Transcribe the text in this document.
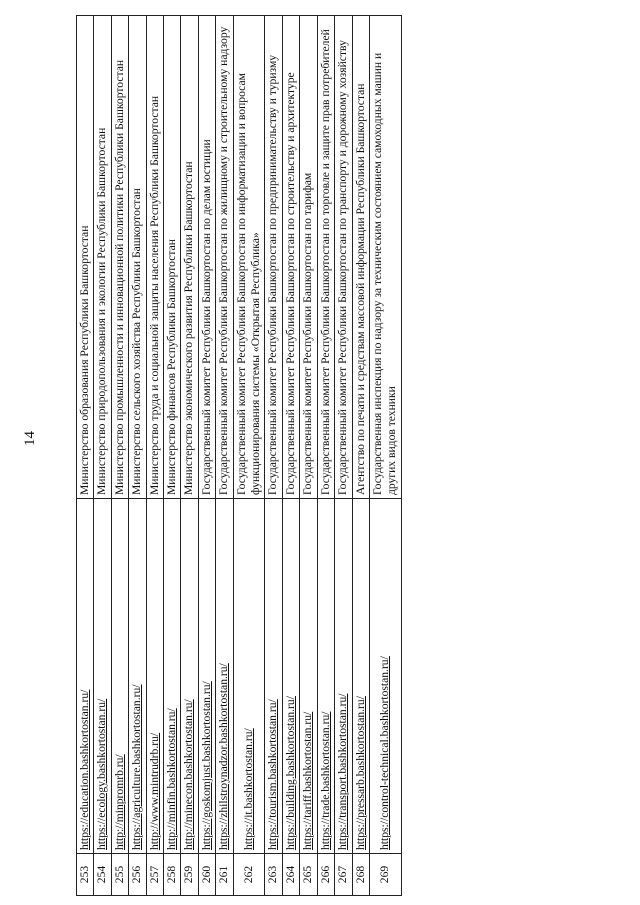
14
253	https://education.bashkortostan.ru/	Министерство образования Республики Башкортостан
254	https://ecology.bashkortostan.ru/	Министерство природопользования и экологии Республики Башкортостан
255	http://minpromrb.ru/	Министерство промышленности и инновационной политики Республики Башкортостан
256	https://agriculture.bashkortostan.ru/	Министерство сельского хозяйства Республики Башкортостан
257	http://www.mintrudrb.ru/	Министерство труда и социальной защиты населения Республики Башкортостан
258	http://minfin.bashkortostan.ru/	Министерство финансов Республики Башкортостан
259	http://minecon.bashkortostan.ru/	Министерство экономического развития Республики Башкортостан
260	https://goskomjust.bashkortostan.ru/	Государственный комитет Республики Башкортостан по делам юстиции
261	https://zhilstroynadzor.bashkortostan.ru/	Государственный комитет Республики Башкортостан по жилищному и строительному надзору
262	https://it.bashkortostan.ru/	Государственный комитет Республики Башкортостан по информатизации и вопросам функционирования системы «Открытая Республика»
263	https://tourism.bashkortostan.ru/	Государственный комитет Республики Башкортостан по предпринимательству и туризму
264	https://building.bashkortostan.ru/	Государственный комитет Республики Башкортостан по строительству и архитектуре
265	https://tariff.bashkortostan.ru/	Государственный комитет Республики Башкортостан по тарифам
266	https://trade.bashkortostan.ru/	Государственный комитет Республики Башкортостан по торговле и защите прав потребителей
267	https://transport.bashkortostan.ru/	Государственный комитет Республики Башкортостан по транспорту и дорожному хозяйству
268	https://pressarb.bashkortostan.ru/	Агентство по печати и средствам массовой информации Республики Башкортостан
269	https://control-technical.bashkortostan.ru/	Государственная инспекция по надзору за техническим состоянием самоходных машин и других видов техники
